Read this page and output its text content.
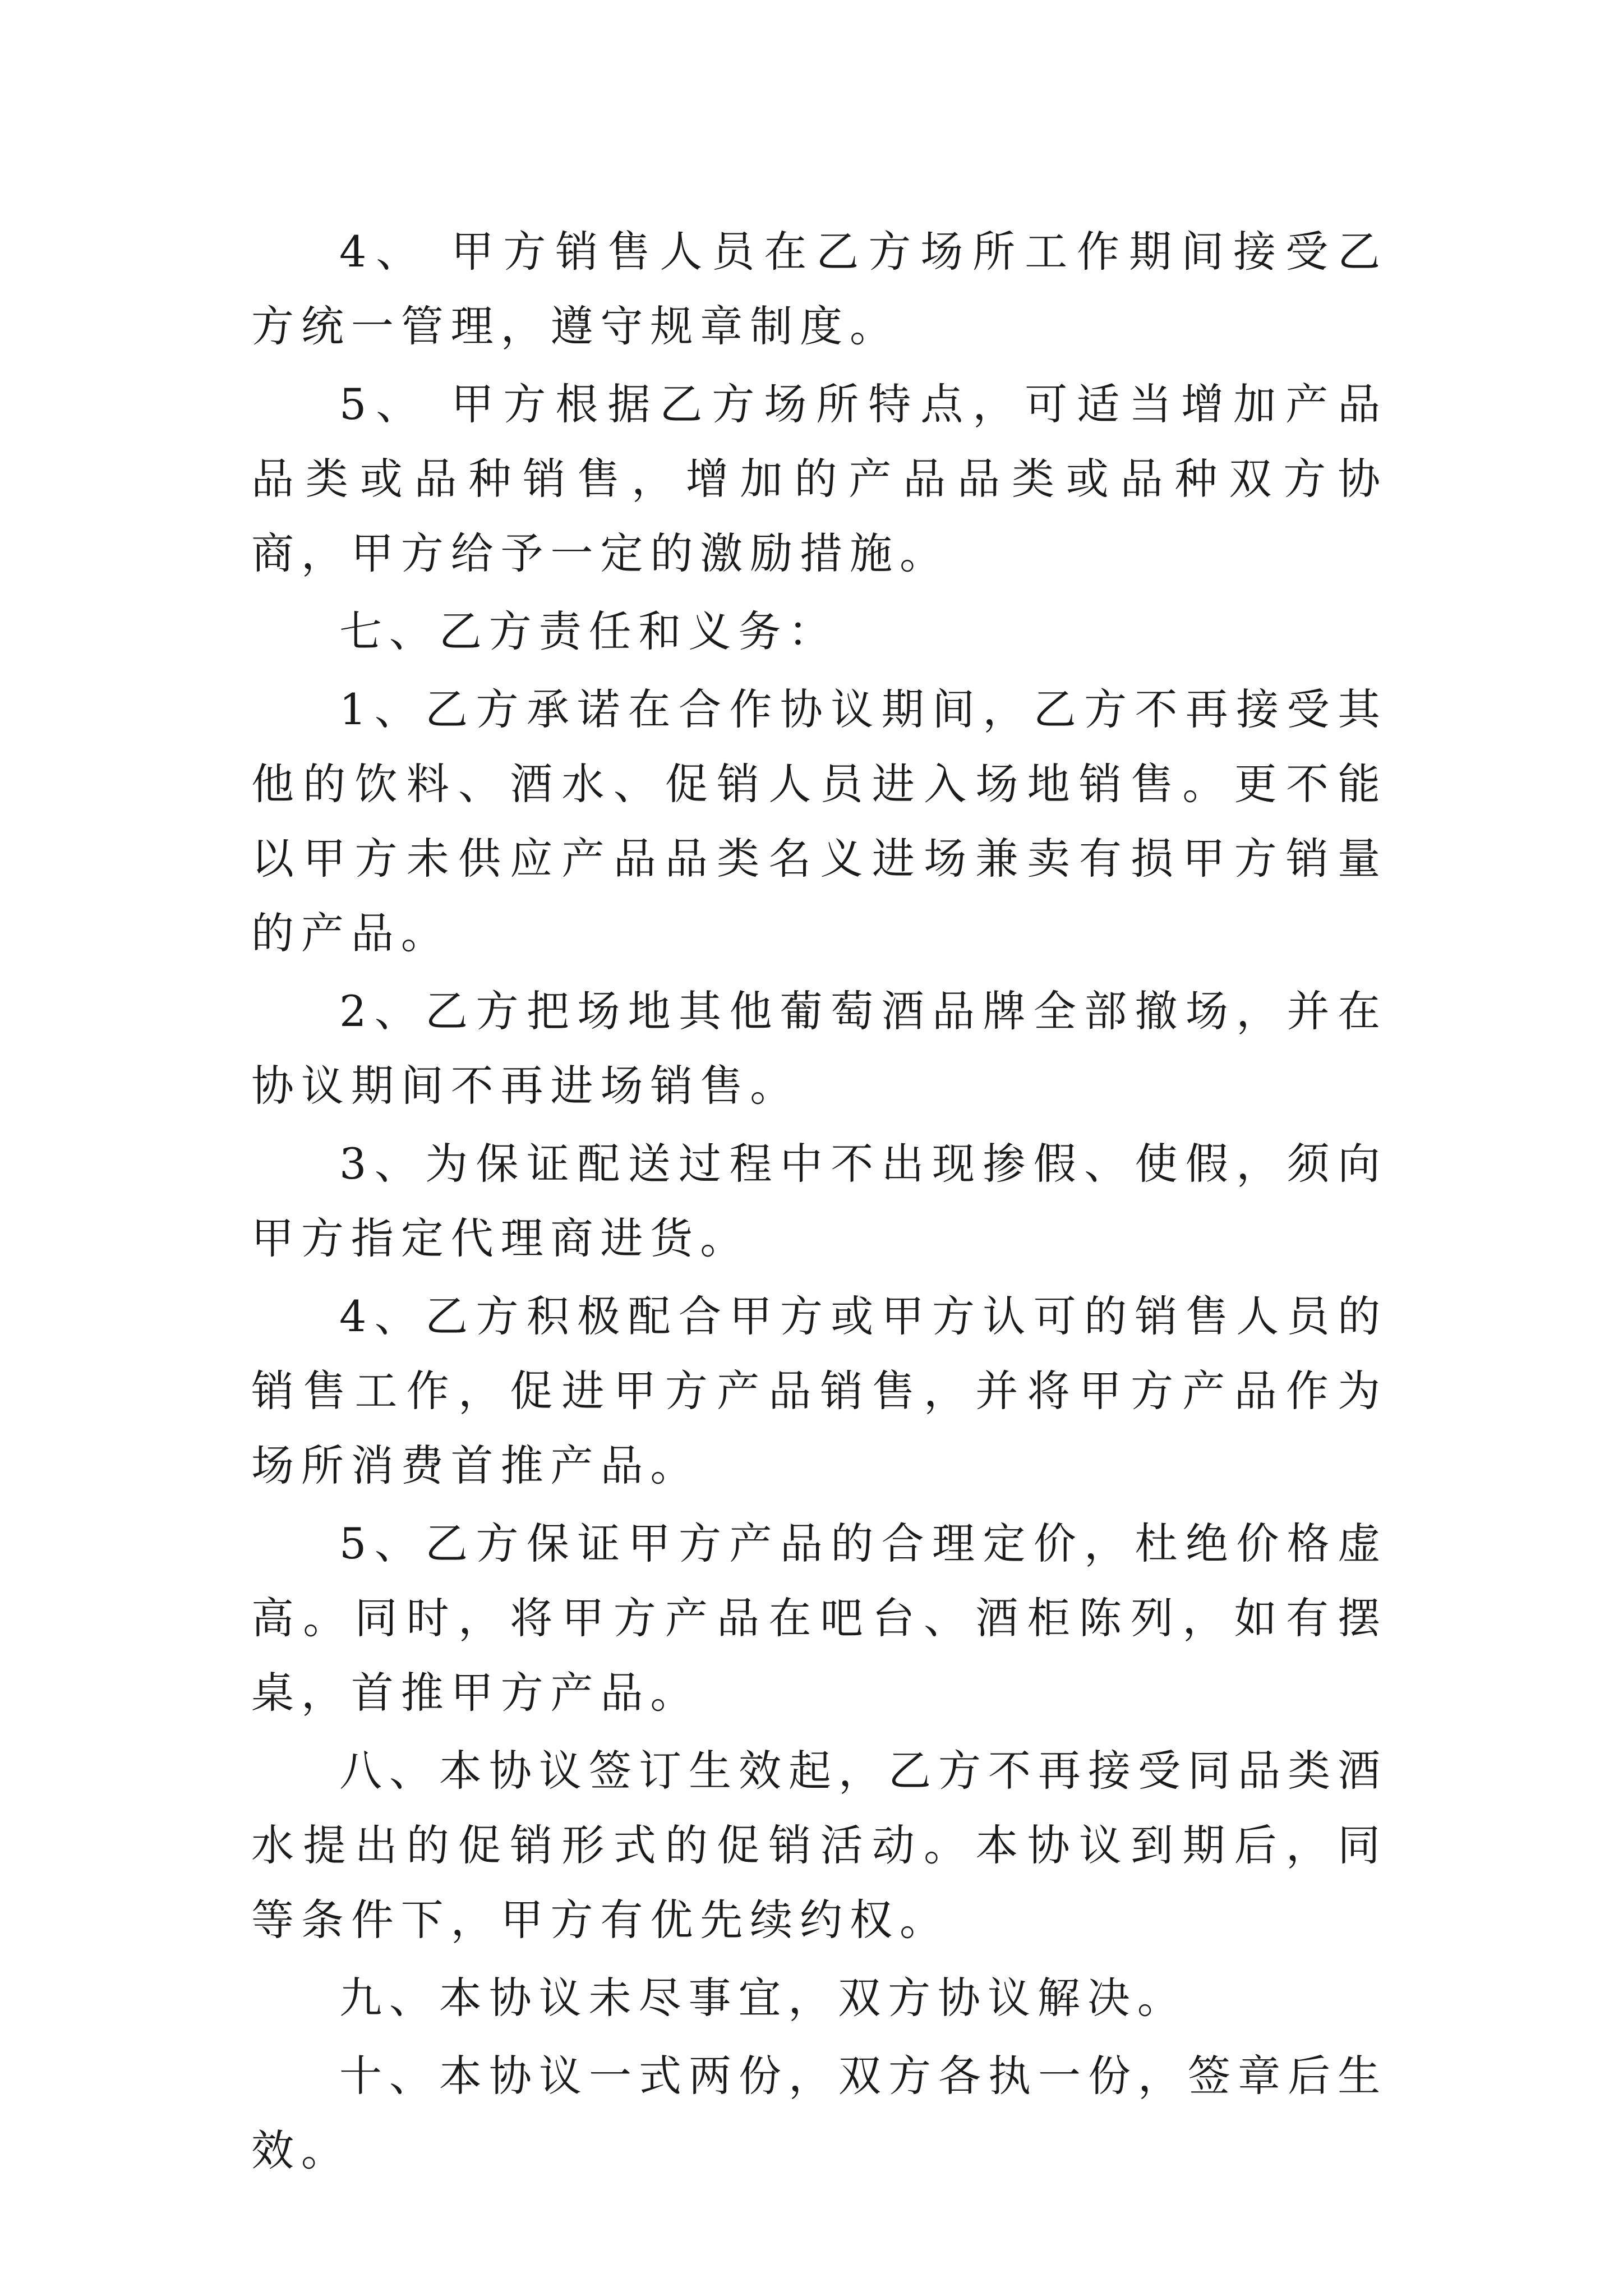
4、 甲方销售人员在乙方场所工作期间接受乙方统一管理，遵守规章制度。

5、 甲方根据乙方场所特点，可适当增加产品品类或品种销售，增加的产品品类或品种双方协商，甲方给予一定的激励措施。

七、乙方责任和义务：

1、乙方承诺在合作协议期间，乙方不再接受其他的饮料、酒水、促销人员进入场地销售。更不能以甲方未供应产品品类名义进场兼卖有损甲方销量的产品。

2、乙方把场地其他葡萄酒品牌全部撤场，并在协议期间不再进场销售。

3、为保证配送过程中不出现掺假、使假，须向甲方指定代理商进货。

4、乙方积极配合甲方或甲方认可的销售人员的销售工作，促进甲方产品销售，并将甲方产品作为场所消费首推产品。

5、乙方保证甲方产品的合理定价，杜绝价格虚高。同时，将甲方产品在吧台、酒柜陈列，如有摆桌，首推甲方产品。

八、本协议签订生效起，乙方不再接受同品类酒水提出的促销形式的促销活动。本协议到期后，同等条件下，甲方有优先续约权。

九、本协议未尽事宜，双方协议解决。

十、本协议一式两份，双方各执一份，签章后生效。
